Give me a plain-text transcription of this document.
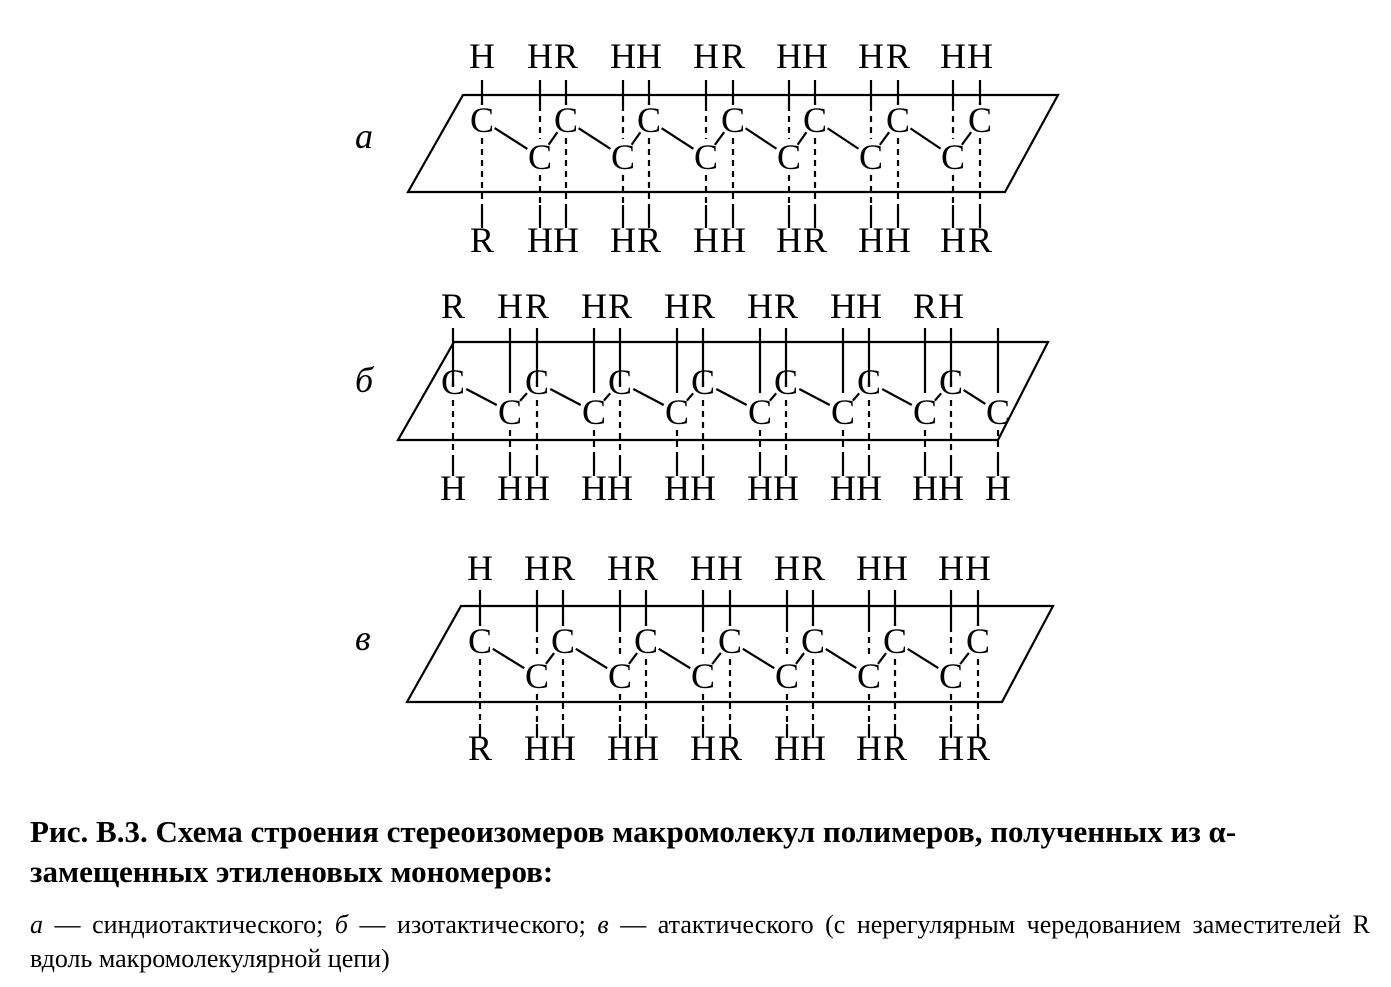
а	C
C
C
C
C
C
C
C
C
C
C
C
C
H H R H H H R H H H R H H
R H H H R H H H R H H H R
б C
C
C
C
C
C
C
C
C
C
C
C
C
C
R H R H R H R H R H H R H
H H H H H H H H H H H H H H
в	C
C
C
C
C
C
C
C
C
C
C
C
C
H H R H R H H H R H H H H
R H H H H H R H H H R H R

Рис. В.3. Схема строения стереоизомеров макромолекул полимеров, полученных из α-замещенных этиленовых мономеров:

а — синдиотактического; б — изотактического; в — атактического (с нерегулярным чередованием заместителей R вдоль макромолекулярной цепи)
